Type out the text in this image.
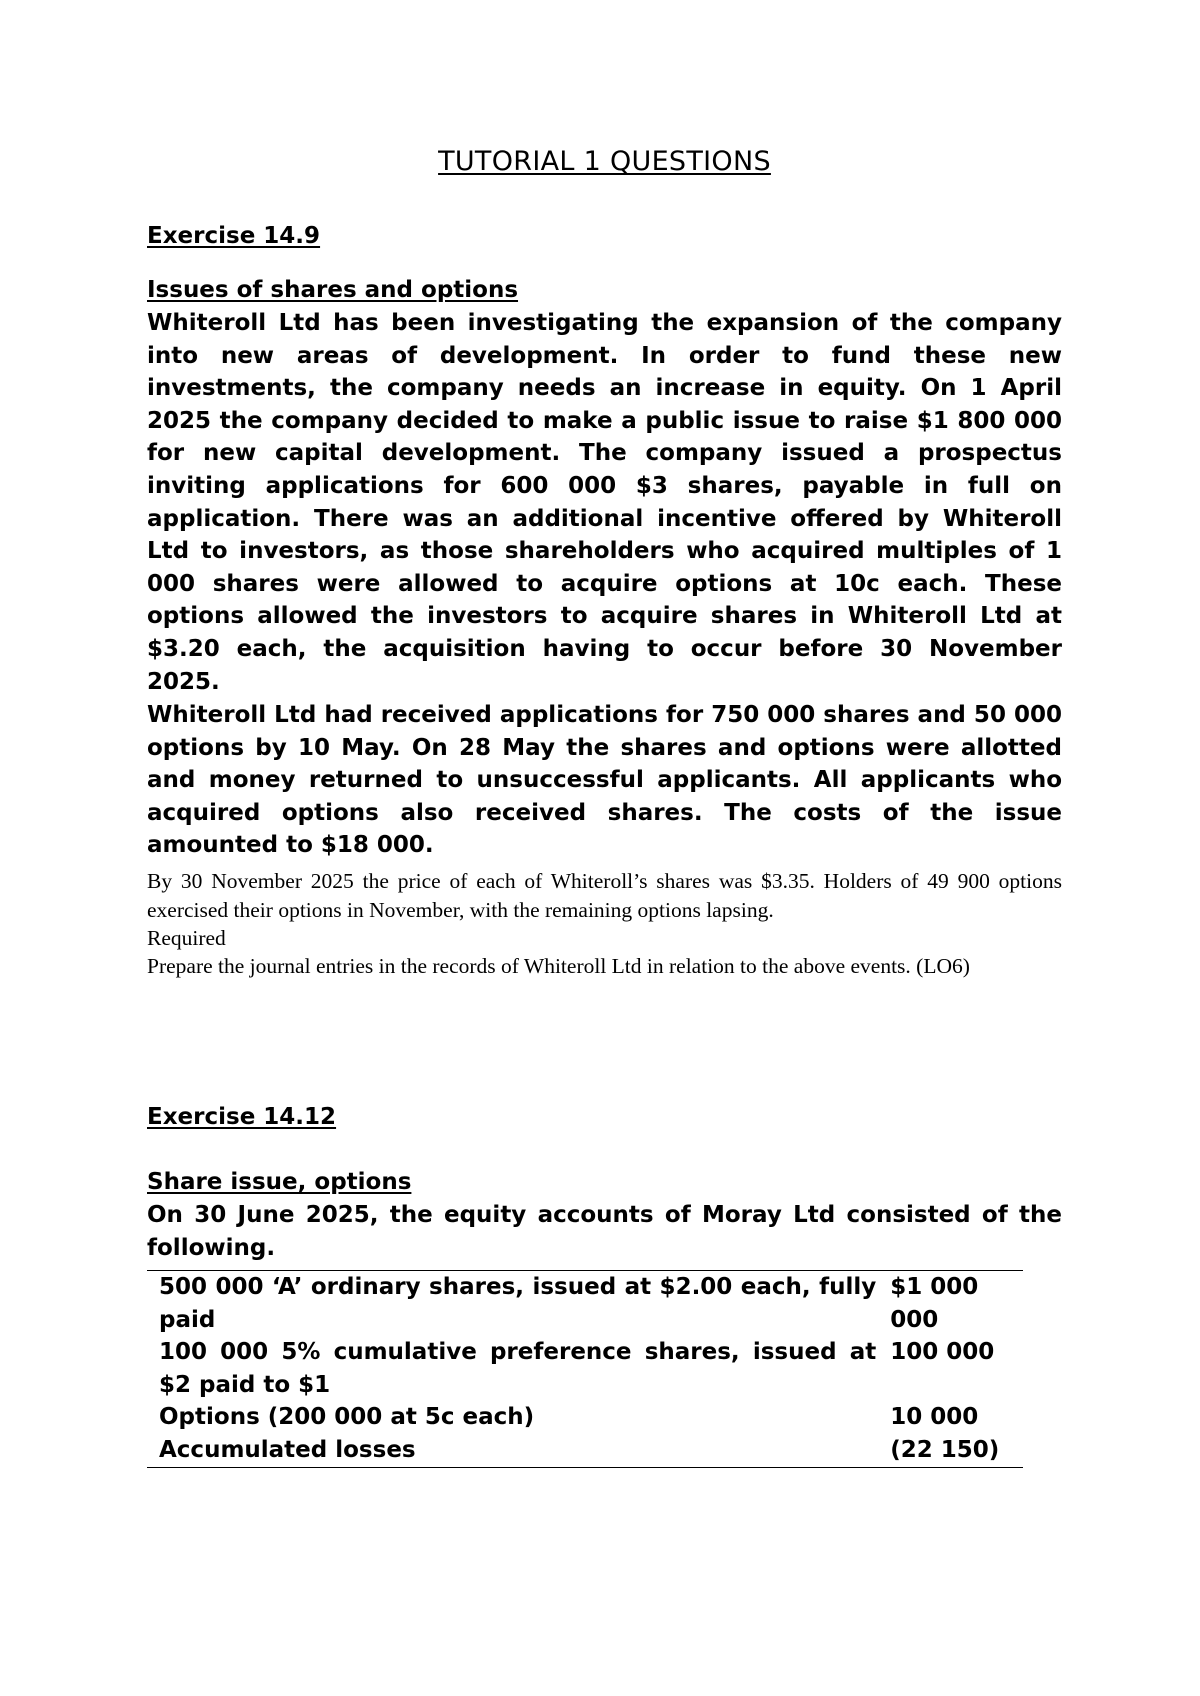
TUTORIAL 1 QUESTIONS

Exercise 14.9

Issues of shares and options

Whiteroll Ltd has been investigating the expansion of the company into new areas of development. In order to fund these new investments, the company needs an increase in equity. On 1 April 2025 the company decided to make a public issue to raise $1 800 000 for new capital development. The company issued a prospectus inviting applications for 600 000 $3 shares, payable in full on application. There was an additional incentive offered by Whiteroll Ltd to investors, as those shareholders who acquired multiples of 1 000 shares were allowed to acquire options at 10c each. These options allowed the investors to acquire shares in Whiteroll Ltd at $3.20 each, the acquisition having to occur before 30 November 2025.

Whiteroll Ltd had received applications for 750 000 shares and 50 000 options by 10 May. On 28 May the shares and options were allotted and money returned to unsuccessful applicants. All applicants who acquired options also received shares. The costs of the issue amounted to $18 000.

By 30 November 2025 the price of each of Whiteroll’s shares was $3.35. Holders of 49 900 options exercised their options in November, with the remaining options lapsing.

Required

Prepare the journal entries in the records of Whiteroll Ltd in relation to the above events. (LO6)

Exercise 14.12

Share issue, options

On 30 June 2025, the equity accounts of Moray Ltd consisted of the following.

500 000 ‘A’ ordinary shares, issued at $2.00 each, fully paid	$1 000 000
100 000 5% cumulative preference shares, issued at $2 paid to $1	100 000
Options (200 000 at 5c each)	10 000
Accumulated losses	(22 150)
